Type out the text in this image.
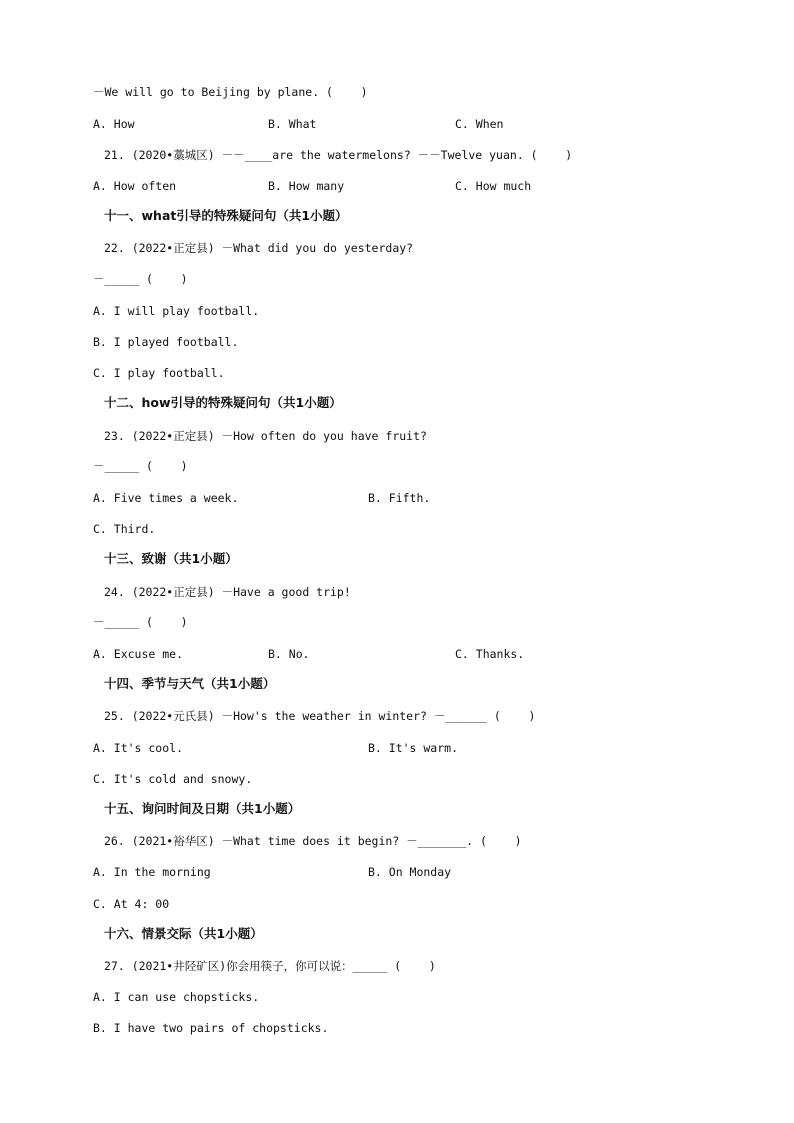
－We will go to Beijing by plane. (    )
A. How	B. What	C. When
21. (2020•藁城区) －－____are the watermelons? －－Twelve yuan. (    )
A. How often	B. How many	C. How much
十一、what引导的特殊疑问句（共1小题）
22. (2022•正定县) －What did you do yesterday?
－_____ (    )
A. I will play football.
B. I played football.
C. I play football.
十二、how引导的特殊疑问句（共1小题）
23. (2022•正定县) －How often do you have fruit?
－_____ (    )
A. Five times a week.	B. Fifth.
C. Third.
十三、致谢（共1小题）
24. (2022•正定县) －Have a good trip!
－_____ (    )
A. Excuse me.	B. No.	C. Thanks.
十四、季节与天气（共1小题）
25. (2022•元氏县) －How's the weather in winter? －______ (    )
A. It's cool.	B. It's warm.
C. It's cold and snowy.
十五、询问时间及日期（共1小题）
26. (2021•裕华区) －What time does it begin? －_______. (    )
A. In the morning	B. On Monday
C. At 4: 00
十六、情景交际（共1小题）
27. (2021•井陉矿区)你会用筷子，你可以说：_____ (    )
A. I can use chopsticks.
B. I have two pairs of chopsticks.
